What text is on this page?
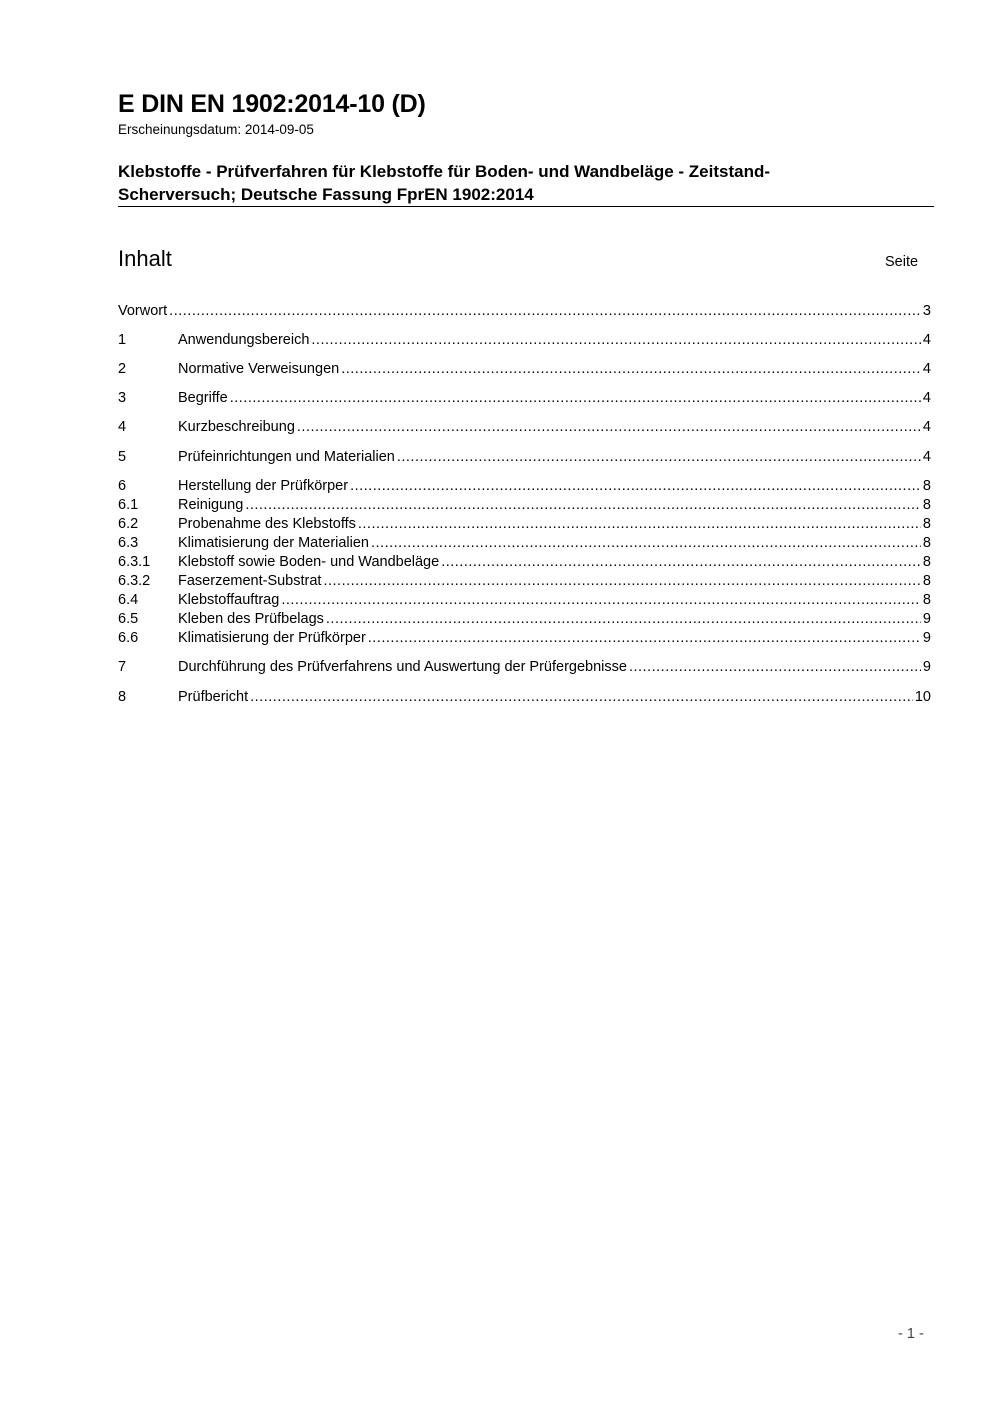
E DIN EN 1902:2014-10 (D)
Erscheinungsdatum: 2014-09-05
Klebstoffe - Prüfverfahren für Klebstoffe für Boden- und Wandbeläge - Zeitstand-
Scherversuch; Deutsche Fassung FprEN 1902:2014
Inhalt	Seite
Vorwort .....	3
1	Anwendungsbereich .....	4
2	Normative Verweisungen .....	4
3	Begriffe .....	4
4	Kurzbeschreibung .....	4
5	Prüfeinrichtungen und Materialien .....	4
6	Herstellung der Prüfkörper .....	8
6.1	Reinigung .....	8
6.2	Probenahme des Klebstoffs .....	8
6.3	Klimatisierung der Materialien .....	8
6.3.1	Klebstoff sowie Boden- und Wandbeläge .....	8
6.3.2	Faserzement-Substrat .....	8
6.4	Klebstoffauftrag .....	8
6.5	Kleben des Prüfbelags .....	9
6.6	Klimatisierung der Prüfkörper .....	9
7	Durchführung des Prüfverfahrens und Auswertung der Prüfergebnisse .....	9
8	Prüfbericht .....	10
- 1 -
